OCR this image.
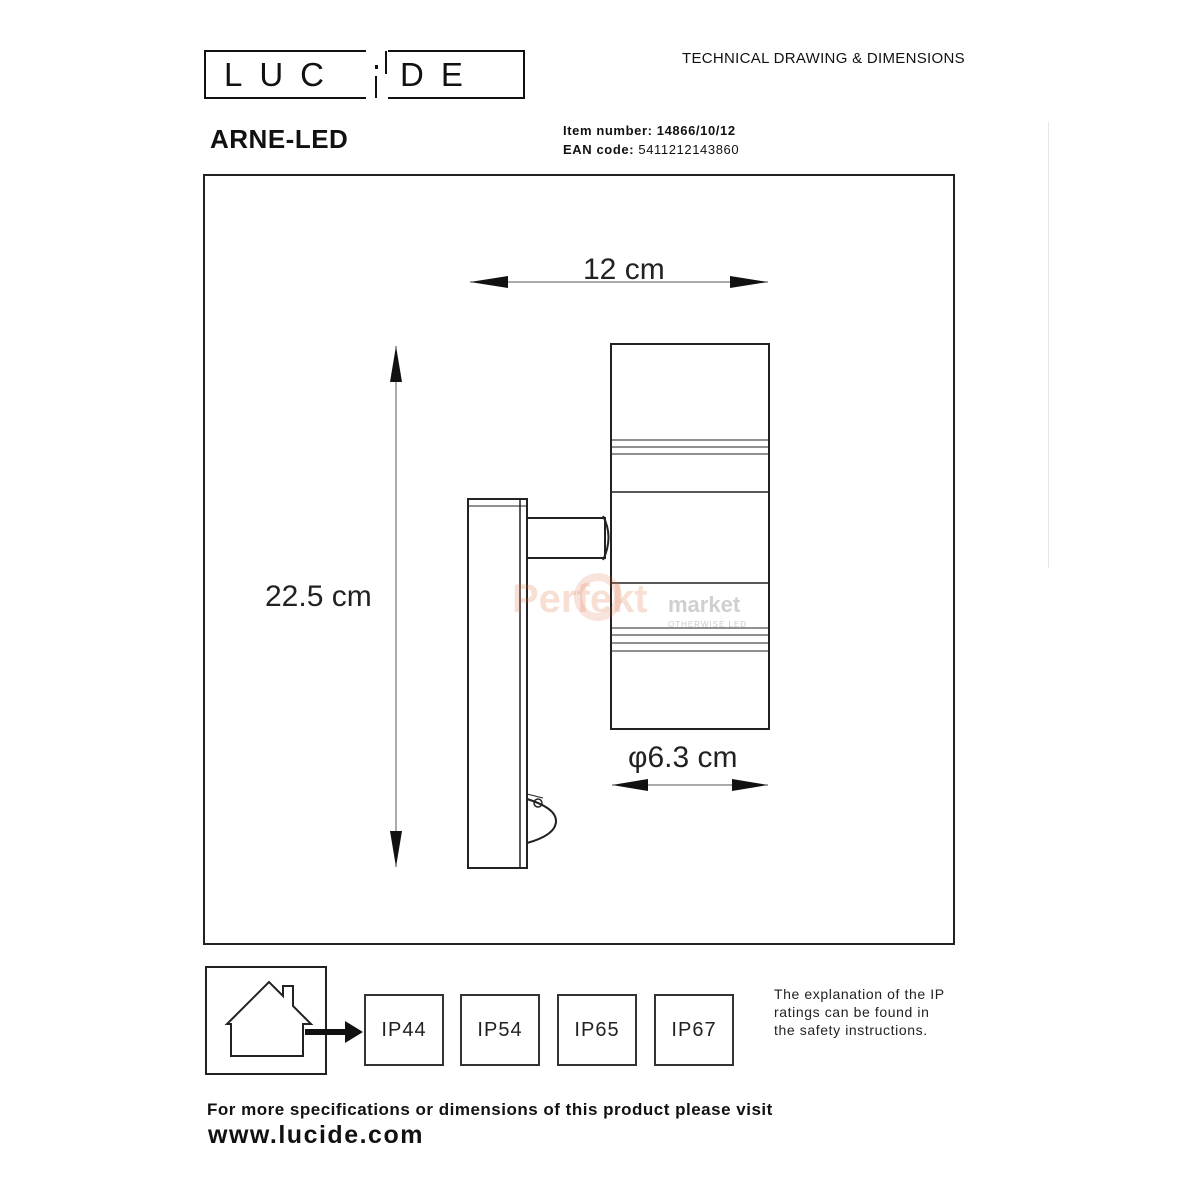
LUC DE	TECHNICAL DRAWING & DIMENSIONS
ARNE-LED	Item number: 14866/10/12
EAN code: 5411212143860
Perfekt market
OTHERWISE LED
12 cm
22.5 cm
φ6.3 cm
IP44	IP54	IP65	IP67
The explanation of the IP ratings can be found in the safety instructions.
For more specifications or dimensions of this product please visit
www.lucide.com
